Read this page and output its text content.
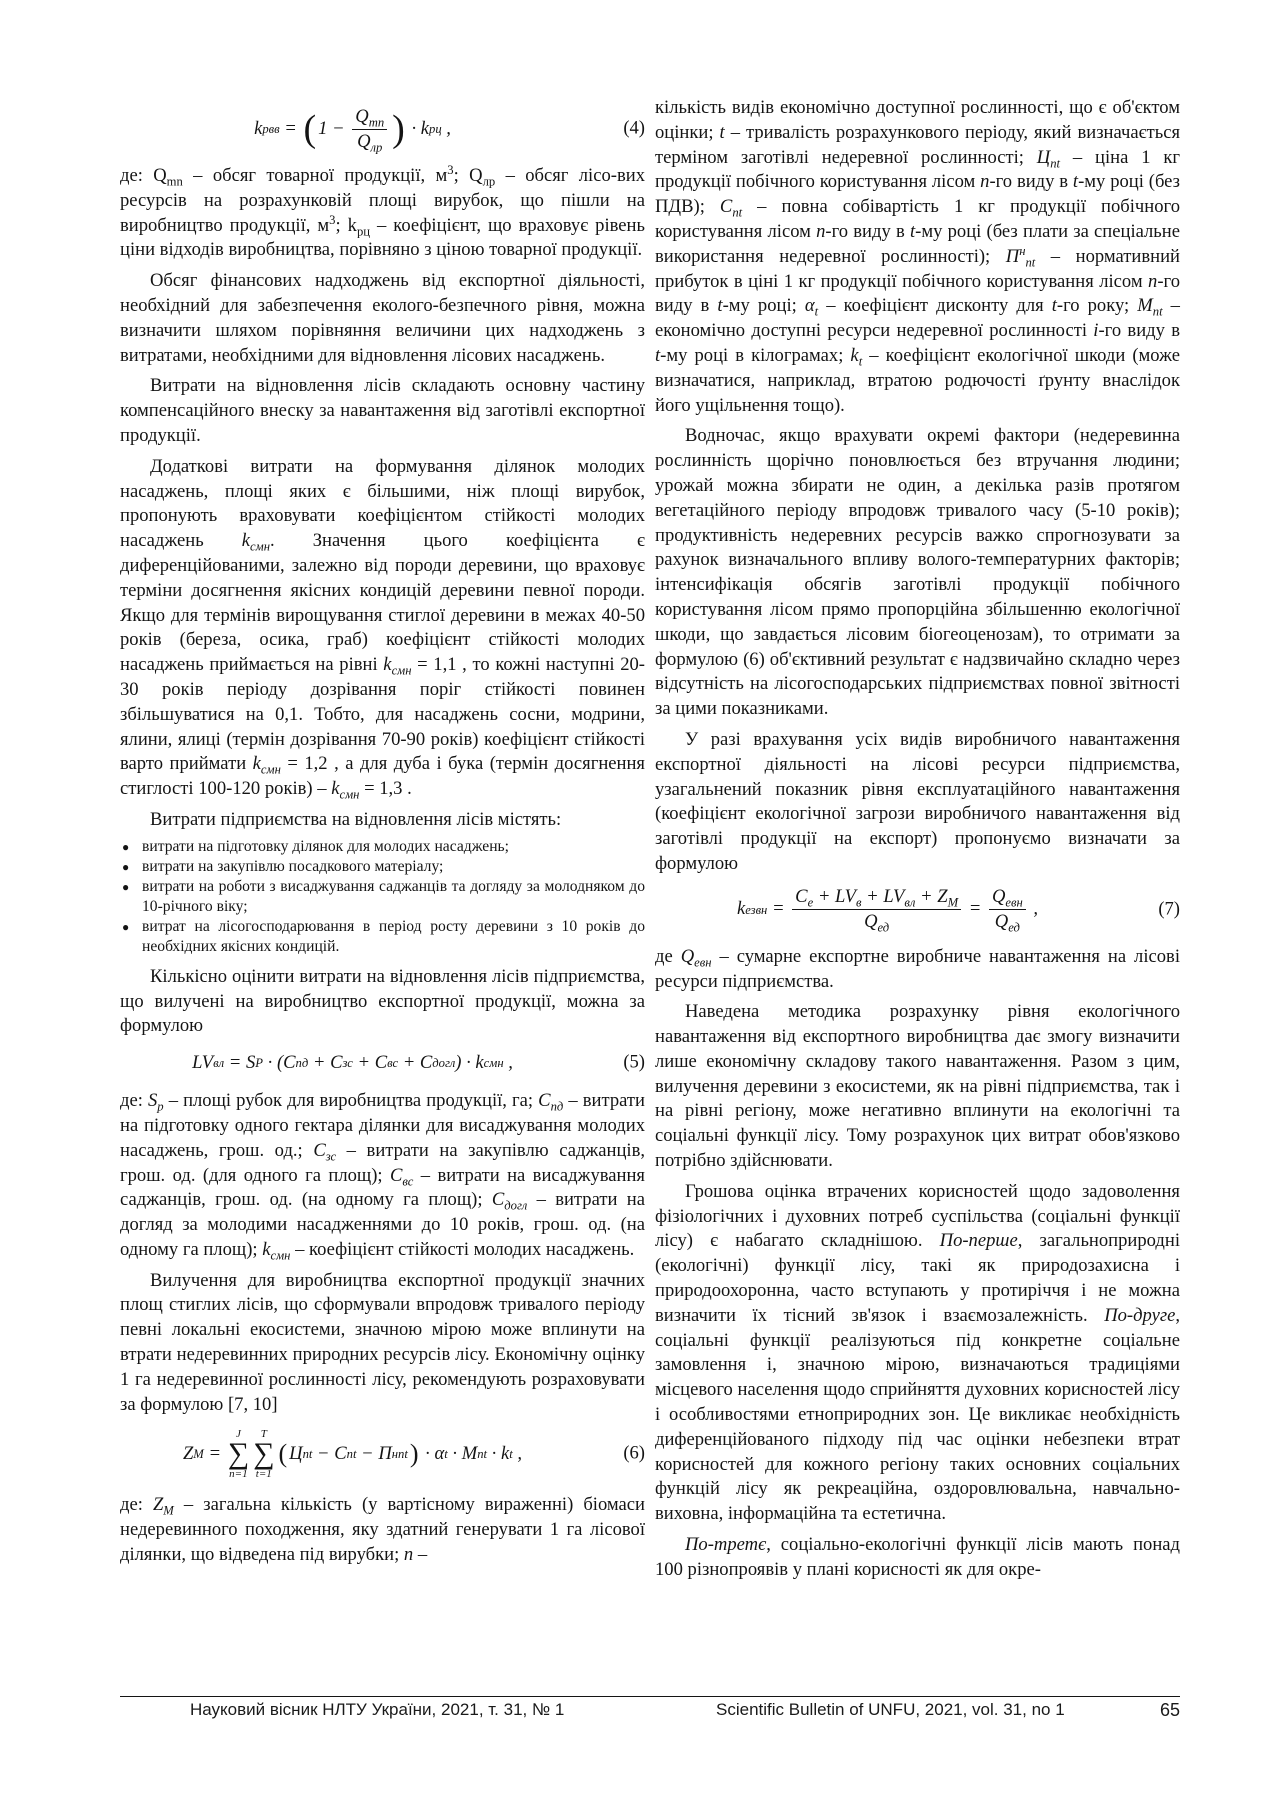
k рвв = ( $1 - \frac{Q_{mn}}{Q_{лр}}$ ) · k рц ,	(4)

де: $Q_{mn}$ – обсяг товарної продукції, $м^3$; $Q_{лр}$ – обсяг лісо-вих ресурсів на розрахунковій площі вирубок, що пішли на виробництво продукції, $м^3$; $k_{рц}$ – коефіцієнт, що враховує рівень ціни відходів виробництва, порівняно з ціною товарної продукції.

Обсяг фінансових надходжень від експортної діяльності, необхідний для забезпечення еколого-безпечного рівня, можна визначити шляхом порівняння величини цих надходжень з витратами, необхідними для відновлення лісових насаджень.

Витрати на відновлення лісів складають основну частину компенсаційного внеску за навантаження від заготівлі експортної продукції.

Додаткові витрати на формування ділянок молодих насаджень, площі яких є більшими, ніж площі вирубок, пропонують враховувати коефіцієнтом стійкості молодих насаджень $k_{смн}$. Значення цього коефіцієнта є диференційованими, залежно від породи деревини, що враховує терміни досягнення якісних кондицій деревини певної породи. Якщо для термінів вирощування стиглої деревини в межах 40-50 років (береза, осика, граб) коефіцієнт стійкості молодих насаджень приймається на рівні $k_{смн} = 1,1$ , то кожні наступні 20-30 років періоду дозрівання поріг стійкості повинен збільшуватися на 0,1. Тобто, для насаджень сосни, модрини, ялини, ялиці (термін дозрівання 70-90 років) коефіцієнт стійкості варто приймати $k_{смн} = 1,2$ , а для дуба і бука (термін досягнення стиглості 100-120 років) – $k_{смн} = 1,3$ .

Витрати підприємства на відновлення лісів містять:

● витрати на підготовку ділянок для молодих насаджень;
● витрати на закупівлю посадкового матеріалу;
● витрати на роботи з висаджування саджанців та догляду за молодняком до 10-річного віку;
● витрат на лісогосподарювання в період росту деревини з 10 років до необхідних якісних кондицій.

Кількісно оцінити витрати на відновлення лісів підприємства, що вилучені на виробництво експортної продукції, можна за формулою

LV вл = S P · (C пд + C зс + C вс + C догл ) · k смн ,	(5)

де: $S_p$ – площі рубок для виробництва продукції, га; $C_{пд}$ – витрати на підготовку одного гектара ділянки для висаджування молодих насаджень, грош. од.; $C_{зс}$ – витрати на закупівлю саджанців, грош. од. (для одного га площ); $C_{вс}$ – витрати на висаджування саджанців, грош. од. (на одному га площ); $C_{догл}$ – витрати на догляд за молодими насадженнями до 10 років, грош. од. (на одному га площ); $k_{смн}$ – коефіцієнт стійкості молодих насаджень.

Вилучення для виробництва експортної продукції значних площ стиглих лісів, що сформували впродовж тривалого періоду певні локальні екосистеми, значною мірою може вплинути на втрати недеревинних природних ресурсів лісу. Економічну оцінку 1 га недеревинної рослинності лісу, рекомендують розраховувати за формулою [7, 10]

Z M =
J
∑
n=1
T
∑
t=1
( Ц nt − C nt − П н nt ) · α t · M nt · k t ,	(6)

де: $Z_M$ – загальна кількість (у вартісному вираженні) біомаси недеревинного походження, яку здатний генерувати 1 га лісової ділянки, що відведена під вирубки; n –

кількість видів економічно доступної рослинності, що є об'єктом оцінки; t – тривалість розрахункового періоду, який визначається терміном заготівлі недеревної рослинності; $Ц_{nt}$ – ціна 1 кг продукції побічного користування лісом n-го виду в t-му році (без ПДВ); $C_{nt}$ – повна собівартість 1 кг продукції побічного користування лісом n-го виду в t-му році (без плати за спеціальне використання недеревної рослинності); $П^н_{nt}$ – нормативний прибуток в ціні 1 кг продукції побічного користування лісом n-го виду в t-му році; $\alpha_t$ – коефіцієнт дисконту для t-го року; $M_{nt}$ – економічно доступні ресурси недеревної рослинності i-го виду в t-му році в кілограмах; $k_t$ – коефіцієнт екологічної шкоди (може визначатися, наприклад, втратою родючості ґрунту внаслідок його ущільнення тощо).

Водночас, якщо врахувати окремі фактори (недеревинна рослинність щорічно поновлюється без втручання людини; урожай можна збирати не один, а декілька разів протягом вегетаційного періоду впродовж тривалого часу (5-10 років); продуктивність недеревних ресурсів важко спрогнозувати за рахунок визначального впливу волого-температурних факторів; інтенсифікація обсягів заготівлі продукції побічного користування лісом прямо пропорційна збільшенню екологічної шкоди, що завдається лісовим біогеоценозам), то отримати за формулою (6) об'єктивний результат є надзвичайно складно через відсутність на лісогосподарських підприємствах повної звітності за цими показниками.

У разі врахування усіх видів виробничого навантаження експортної діяльності на лісові ресурси підприємства, узагальнений показник рівня експлуатаційного навантаження (коефіцієнт екологічної загрози виробничого навантаження від заготівлі продукції на експорт) пропонуємо визначати за формулою

k езвн = $\frac{C_e + LV_в + LV_{вл} + Z_M}{Q_{ед}} = \frac{Q_{евн}}{Q_{ед}}$ ,	(7)

де $Q_{евн}$ – сумарне експортне виробниче навантаження на лісові ресурси підприємства.

Наведена методика розрахунку рівня екологічного навантаження від експортного виробництва дає змогу визначити лише економічну складову такого навантаження. Разом з цим, вилучення деревини з екосистеми, як на рівні підприємства, так і на рівні регіону, може негативно вплинути на екологічні та соціальні функції лісу. Тому розрахунок цих витрат обов'язково потрібно здійснювати.

Грошова оцінка втрачених корисностей щодо задоволення фізіологічних і духовних потреб суспільства (соціальні функції лісу) є набагато складнішою. По-перше, загальноприродні (екологічні) функції лісу, такі як природозахисна і природоохоронна, часто вступають у протиріччя і не можна визначити їх тісний зв'язок і взаємозалежність. По-друге, соціальні функції реалізуються під конкретне соціальне замовлення і, значною мірою, визначаються традиціями місцевого населення щодо сприйняття духовних корисностей лісу і особливостями етноприродних зон. Це викликає необхідність диференційованого підходу під час оцінки небезпеки втрат корисностей для кожного регіону таких основних соціальних функцій лісу як рекреаційна, оздоровлювальна, навчально-виховна, інформаційна та естетична.

По-третє, соціально-екологічні функції лісів мають понад 100 різнопроявів у плані корисності як для окре-

Науковий вісник НЛТУ України, 2021, т. 31, № 1	Scientific Bulletin of UNFU, 2021, vol. 31, no 1	65
